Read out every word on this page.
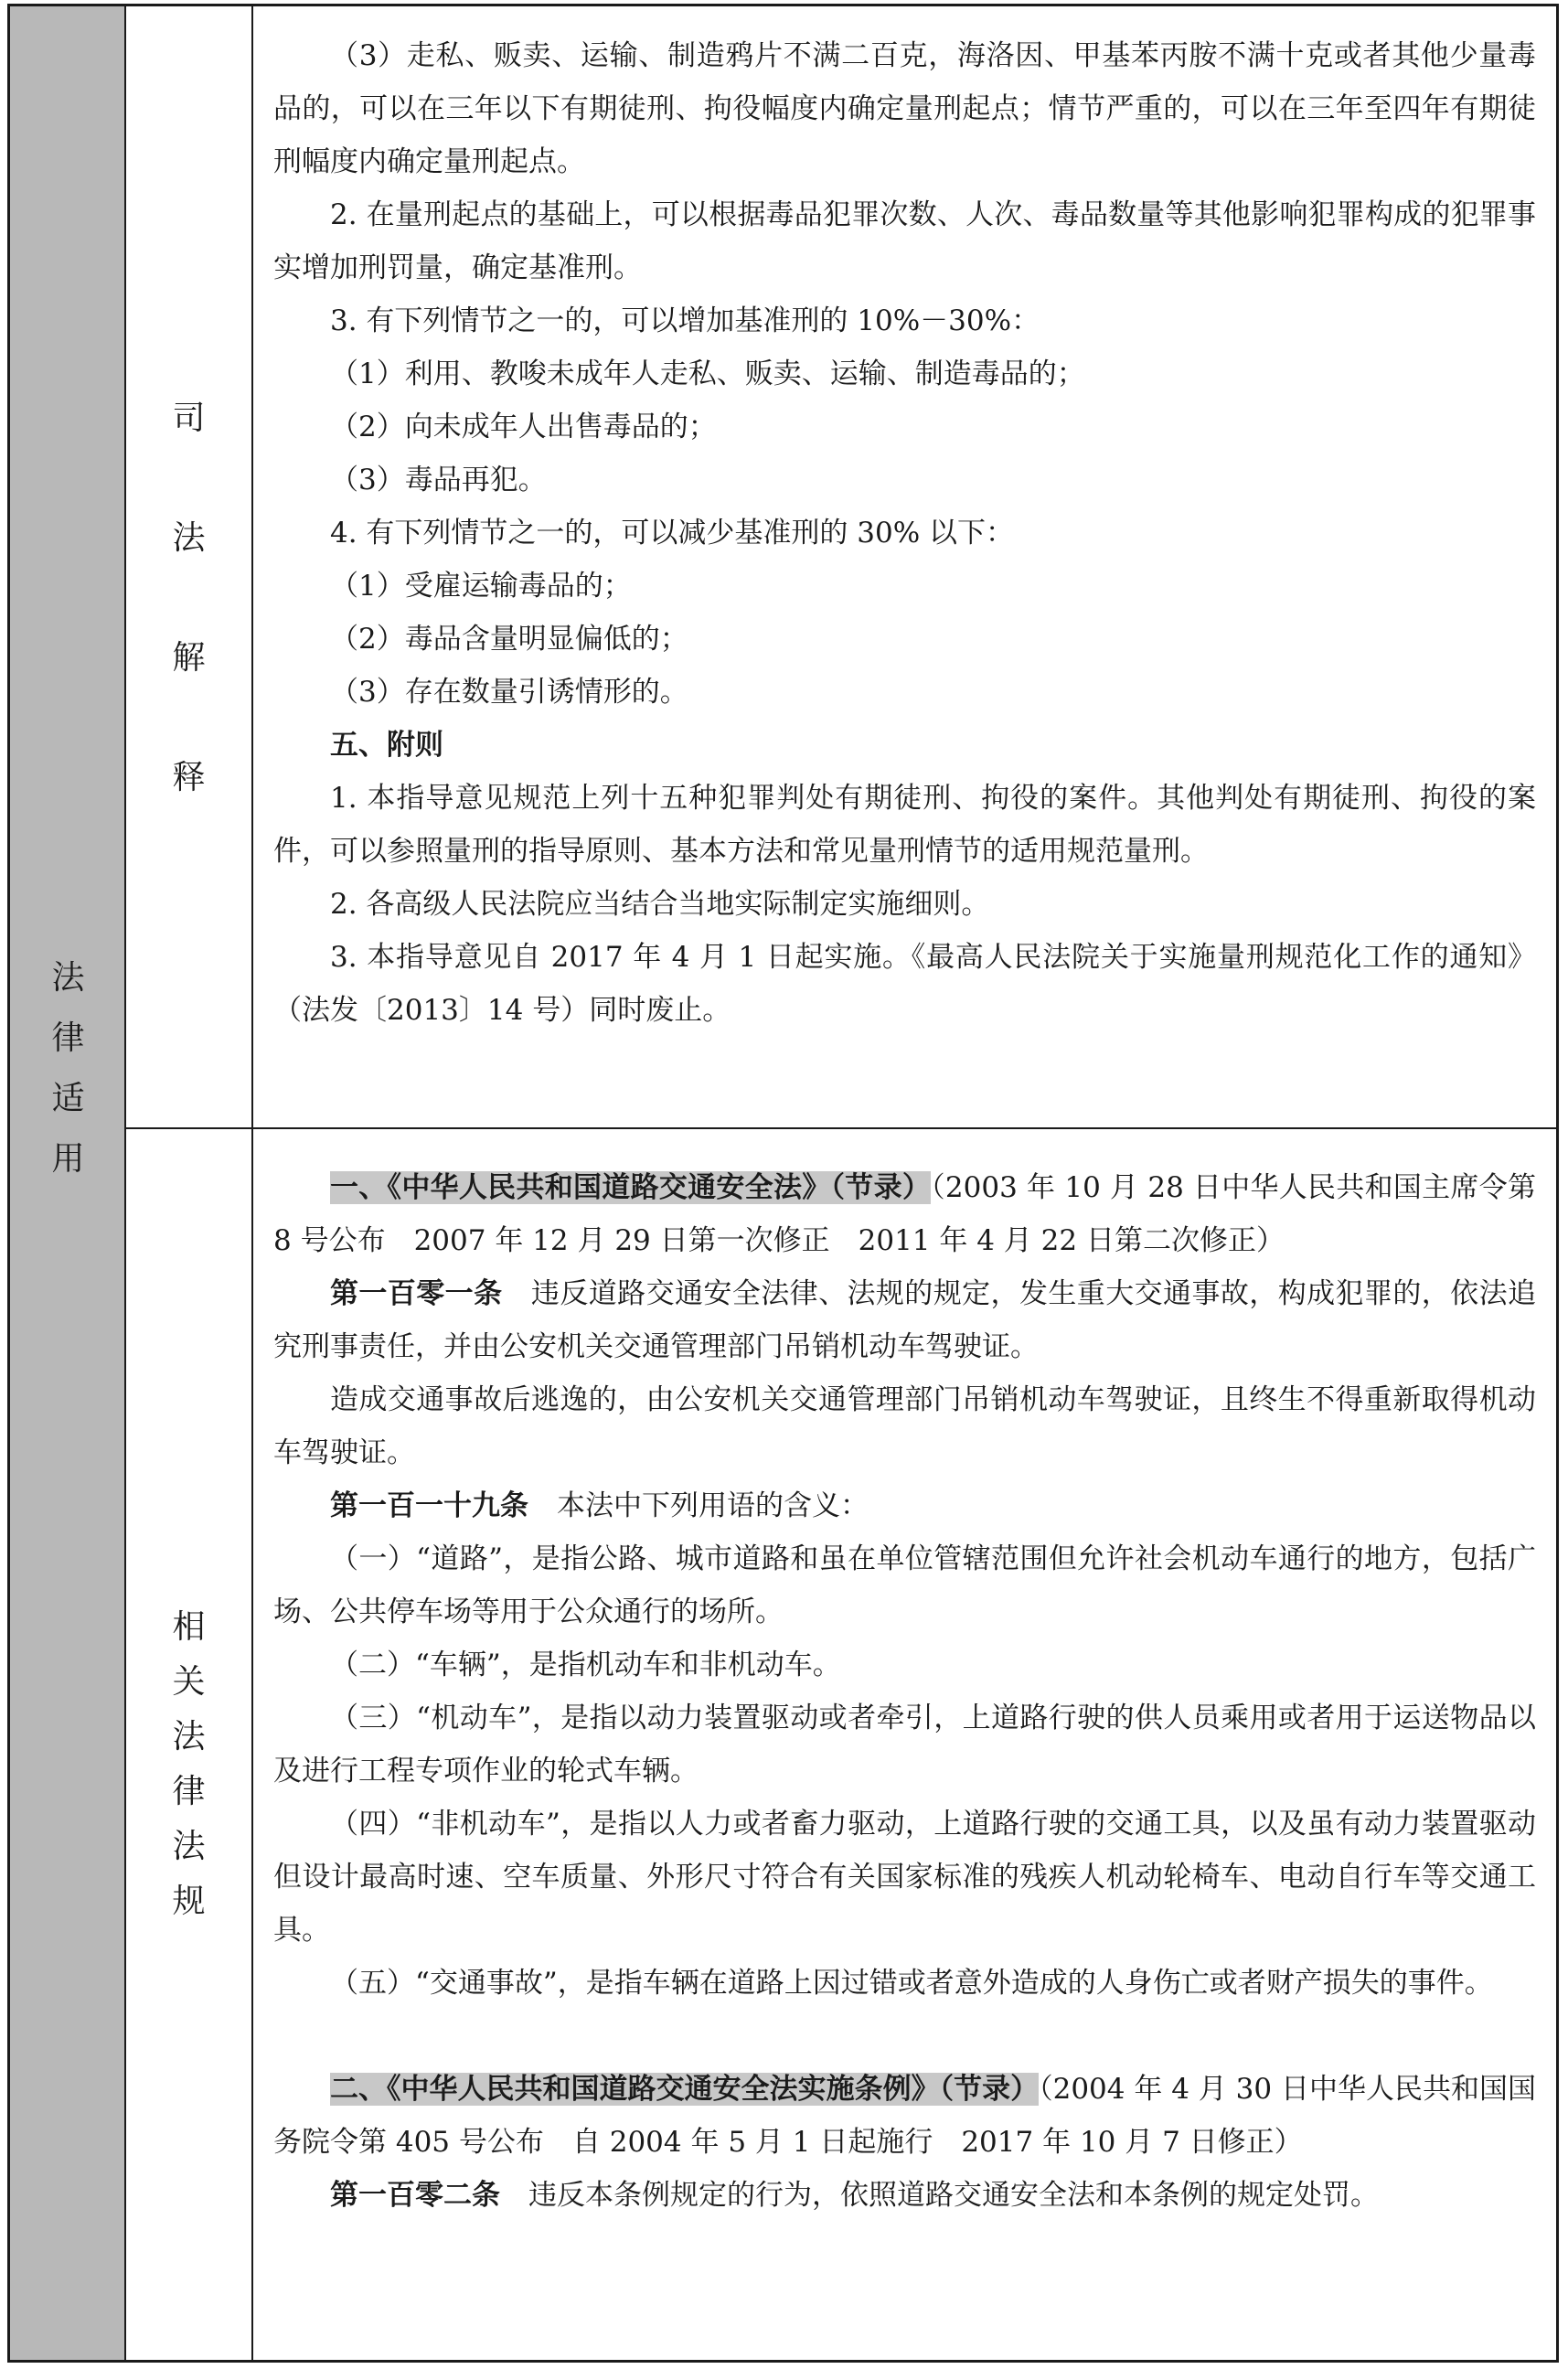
法
律
适
用
司
法
解
释

（3）走私、贩卖、运输、制造鸦片不满二百克，海洛因、甲基苯丙胺不满十克或者其他少量毒品的，可以在三年以下有期徒刑、拘役幅度内确定量刑起点；情节严重的，可以在三年至四年有期徒刑幅度内确定量刑起点。

2. 在量刑起点的基础上，可以根据毒品犯罪次数、人次、毒品数量等其他影响犯罪构成的犯罪事实增加刑罚量，确定基准刑。

3. 有下列情节之一的，可以增加基准刑的 10%－30%：

（1）利用、教唆未成年人走私、贩卖、运输、制造毒品的；

（2）向未成年人出售毒品的；

（3）毒品再犯。

4. 有下列情节之一的，可以减少基准刑的 30% 以下：

（1）受雇运输毒品的；

（2）毒品含量明显偏低的；

（3）存在数量引诱情形的。

五、附则

1. 本指导意见规范上列十五种犯罪判处有期徒刑、拘役的案件。其他判处有期徒刑、拘役的案件，可以参照量刑的指导原则、基本方法和常见量刑情节的适用规范量刑。

2. 各高级人民法院应当结合当地实际制定实施细则。

3. 本指导意见自 2017 年 4 月 1 日起实施。《最高人民法院关于实施量刑规范化工作的通知》（法发〔2013〕14 号）同时废止。

相
关
法
律
法
规

一、《中华人民共和国道路交通安全法》（节录）（2003 年 10 月 28 日中华人民共和国主席令第 8 号公布　2007 年 12 月 29 日第一次修正　2011 年 4 月 22 日第二次修正）

第一百零一条　 违反道路交通安全法律、法规的规定，发生重大交通事故，构成犯罪的，依法追究刑事责任，并由公安机关交通管理部门吊销机动车驾驶证。

造成交通事故后逃逸的，由公安机关交通管理部门吊销机动车驾驶证，且终生不得重新取得机动车驾驶证。

第一百一十九条　 本法中下列用语的含义：

（一）“道路”，是指公路、城市道路和虽在单位管辖范围但允许社会机动车通行的地方，包括广场、公共停车场等用于公众通行的场所。

（二）“车辆”，是指机动车和非机动车。

（三）“机动车”，是指以动力装置驱动或者牵引，上道路行驶的供人员乘用或者用于运送物品以及进行工程专项作业的轮式车辆。

（四）“非机动车”，是指以人力或者畜力驱动，上道路行驶的交通工具，以及虽有动力装置驱动但设计最高时速、空车质量、外形尺寸符合有关国家标准的残疾人机动轮椅车、电动自行车等交通工具。

（五）“交通事故”，是指车辆在道路上因过错或者意外造成的人身伤亡或者财产损失的事件。

二、《中华人民共和国道路交通安全法实施条例》（节录）（2004 年 4 月 30 日中华人民共和国国务院令第 405 号公布　自 2004 年 5 月 1 日起施行　2017 年 10 月 7 日修正）

第一百零二条　 违反本条例规定的行为，依照道路交通安全法和本条例的规定处罚。
